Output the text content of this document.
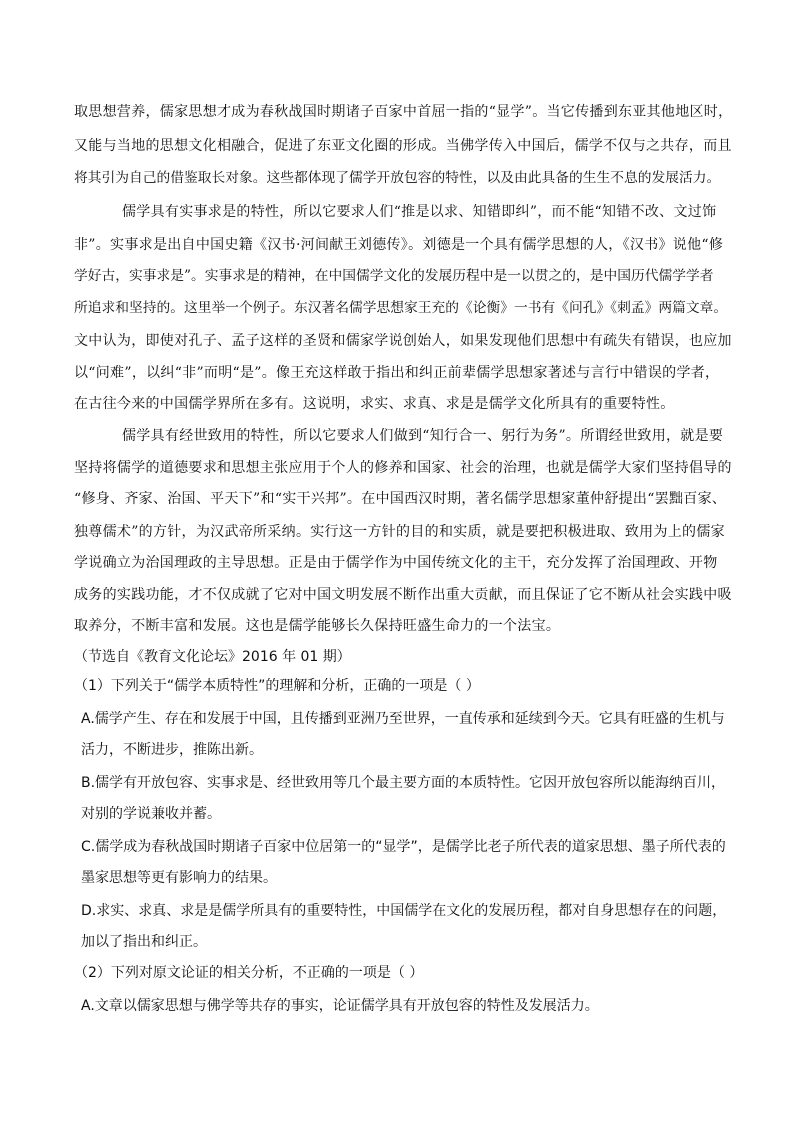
取思想营养，儒家思想才成为春秋战国时期诸子百家中首屈一指的“显学”。当它传播到东亚其他地区时，
又能与当地的思想文化相融合，促进了东亚文化圈的形成。当佛学传入中国后，儒学不仅与之共存，而且
将其引为自己的借鉴取长对象。这些都体现了儒学开放包容的特性，以及由此具备的生生不息的发展活力。
儒学具有实事求是的特性，所以它要求人们“推是以求、知错即纠”，而不能“知错不改、文过饰
非”。实事求是出自中国史籍《汉书·河间献王刘德传》。刘德是一个具有儒学思想的人，《汉书》说他“修
学好古，实事求是”。实事求是的精神，在中国儒学文化的发展历程中是一以贯之的，是中国历代儒学学者
所追求和坚持的。这里举一个例子。东汉著名儒学思想家王充的《论衡》一书有《问孔》《刺孟》两篇文章。
文中认为，即使对孔子、孟子这样的圣贤和儒家学说创始人，如果发现他们思想中有疏失有错误，也应加
以“问难”，以纠“非”而明“是”。像王充这样敢于指出和纠正前辈儒学思想家著述与言行中错误的学者，
在古往今来的中国儒学界所在多有。这说明，求实、求真、求是是儒学文化所具有的重要特性。
儒学具有经世致用的特性，所以它要求人们做到“知行合一、躬行为务”。所谓经世致用，就是要
坚持将儒学的道德要求和思想主张应用于个人的修养和国家、社会的治理，也就是儒学大家们坚持倡导的
“修身、齐家、治国、平天下”和“实干兴邦”。在中国西汉时期，著名儒学思想家董仲舒提出“罢黜百家、
独尊儒术”的方针，为汉武帝所采纳。实行这一方针的目的和实质，就是要把积极进取、致用为上的儒家
学说确立为治国理政的主导思想。正是由于儒学作为中国传统文化的主干，充分发挥了治国理政、开物
成务的实践功能，才不仅成就了它对中国文明发展不断作出重大贡献，而且保证了它不断从社会实践中吸
取养分，不断丰富和发展。这也是儒学能够长久保持旺盛生命力的一个法宝。
（节选自《教育文化论坛》2016 年 01 期）
（1）下列关于“儒学本质特性”的理解和分析，正确的一项是（ ）
A.儒学产生、存在和发展于中国，且传播到亚洲乃至世界，一直传承和延续到今天。它具有旺盛的生机与
活力，不断进步，推陈出新。
B.儒学有开放包容、实事求是、经世致用等几个最主要方面的本质特性。它因开放包容所以能海纳百川，
对别的学说兼收并蓄。
C.儒学成为春秋战国时期诸子百家中位居第一的“显学”，是儒学比老子所代表的道家思想、墨子所代表的
墨家思想等更有影响力的结果。
D.求实、求真、求是是儒学所具有的重要特性，中国儒学在文化的发展历程，都对自身思想存在的问题，
加以了指出和纠正。
（2）下列对原文论证的相关分析，不正确的一项是（ ）
A.文章以儒家思想与佛学等共存的事实，论证儒学具有开放包容的特性及发展活力。
